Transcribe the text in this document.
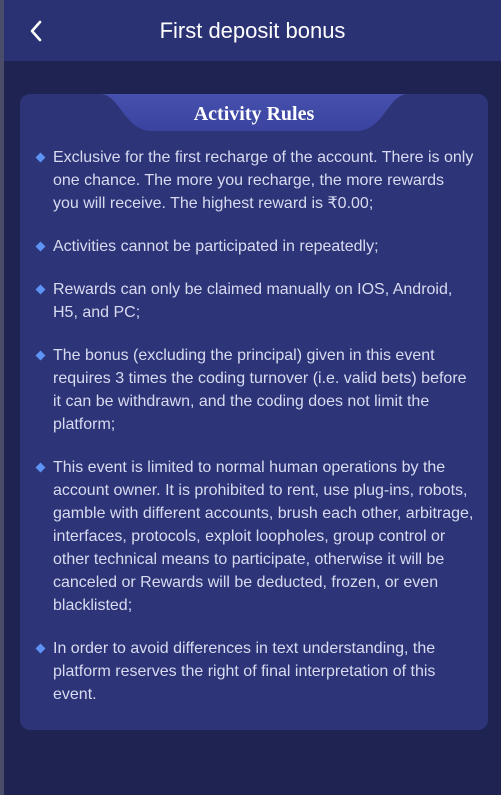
First deposit bonus
Activity Rules
Exclusive for the first recharge of the account. There is only one chance. The more you recharge, the more rewards you will receive. The highest reward is ₹0.00;
Activities cannot be participated in repeatedly;
Rewards can only be claimed manually on IOS, Android, H5, and PC;
The bonus (excluding the principal) given in this event requires 3 times the coding turnover (i.e. valid bets) before it can be withdrawn, and the coding does not limit the platform;
This event is limited to normal human operations by the account owner. It is prohibited to rent, use plug-ins, robots, gamble with different accounts, brush each other, arbitrage, interfaces, protocols, exploit loopholes, group control or other technical means to participate, otherwise it will be canceled or Rewards will be deducted, frozen, or even blacklisted;
In order to avoid differences in text understanding, the platform reserves the right of final interpretation of this event.
